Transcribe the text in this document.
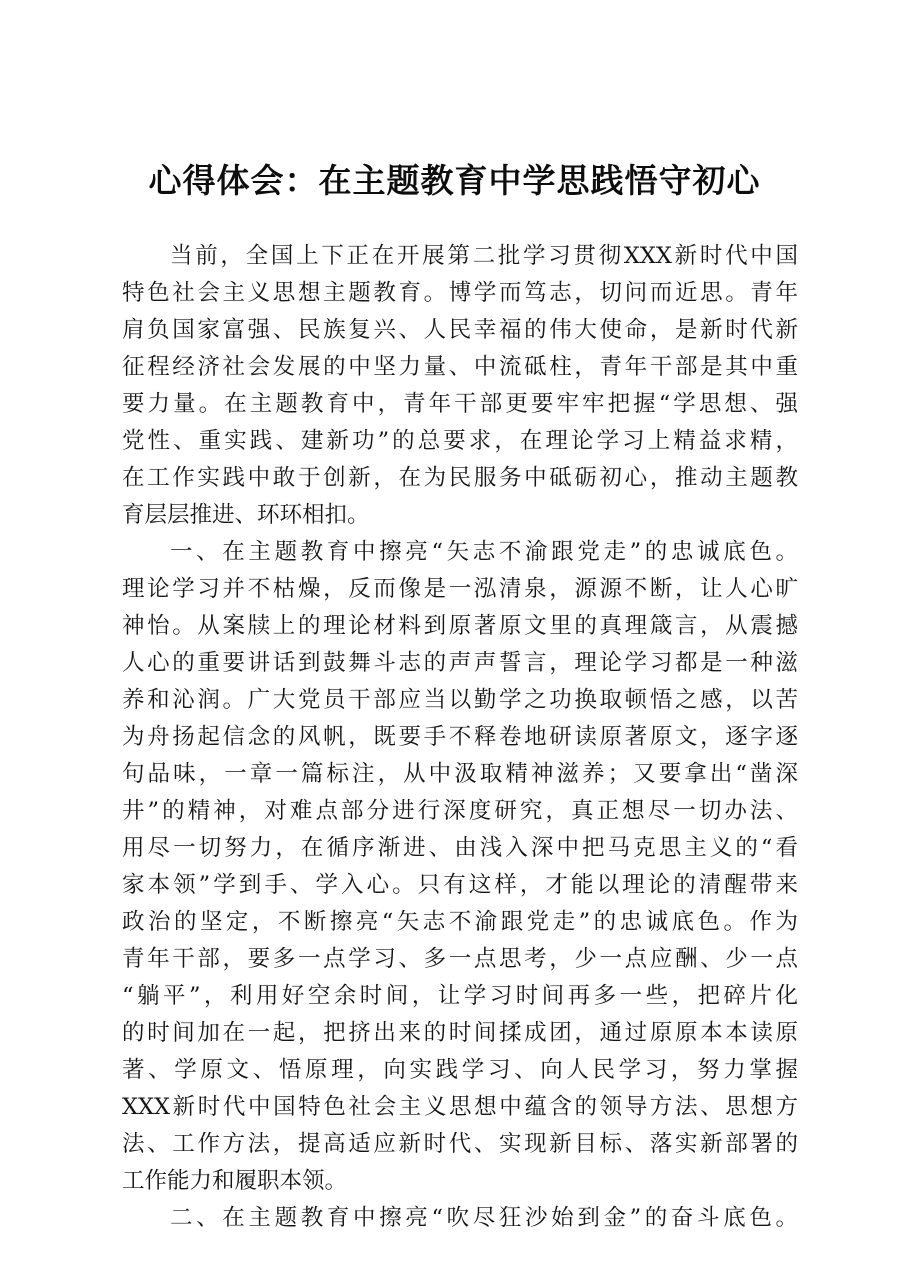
心得体会：在主题教育中学思践悟守初心
当前，全国上下正在开展第二批学习贯彻XXX新时代中国
特色社会主义思想主题教育。博学而笃志，切问而近思。青年
肩负国家富强、民族复兴、人民幸福的伟大使命，是新时代新
征程经济社会发展的中坚力量、中流砥柱，青年干部是其中重
要力量。在主题教育中，青年干部更要牢牢把握“学思想、强
党性、重实践、建新功”的总要求，在理论学习上精益求精，
在工作实践中敢于创新，在为民服务中砥砺初心，推动主题教
育层层推进、环环相扣。
一、在主题教育中擦亮“矢志不渝跟党走”的忠诚底色。
理论学习并不枯燥，反而像是一泓清泉，源源不断，让人心旷
神怡。从案牍上的理论材料到原著原文里的真理箴言，从震撼
人心的重要讲话到鼓舞斗志的声声誓言，理论学习都是一种滋
养和沁润。广大党员干部应当以勤学之功换取顿悟之感，以苦
为舟扬起信念的风帆，既要手不释卷地研读原著原文，逐字逐
句品味，一章一篇标注，从中汲取精神滋养；又要拿出“凿深
井”的精神，对难点部分进行深度研究，真正想尽一切办法、
用尽一切努力，在循序渐进、由浅入深中把马克思主义的“看
家本领”学到手、学入心。只有这样，才能以理论的清醒带来
政治的坚定，不断擦亮“矢志不渝跟党走”的忠诚底色。作为
青年干部，要多一点学习、多一点思考，少一点应酬、少一点
“躺平”，利用好空余时间，让学习时间再多一些，把碎片化
的时间加在一起，把挤出来的时间揉成团，通过原原本本读原
著、学原文、悟原理，向实践学习、向人民学习，努力掌握
XXX新时代中国特色社会主义思想中蕴含的领导方法、思想方
法、工作方法，提高适应新时代、实现新目标、落实新部署的
工作能力和履职本领。
二、在主题教育中擦亮“吹尽狂沙始到金”的奋斗底色。
